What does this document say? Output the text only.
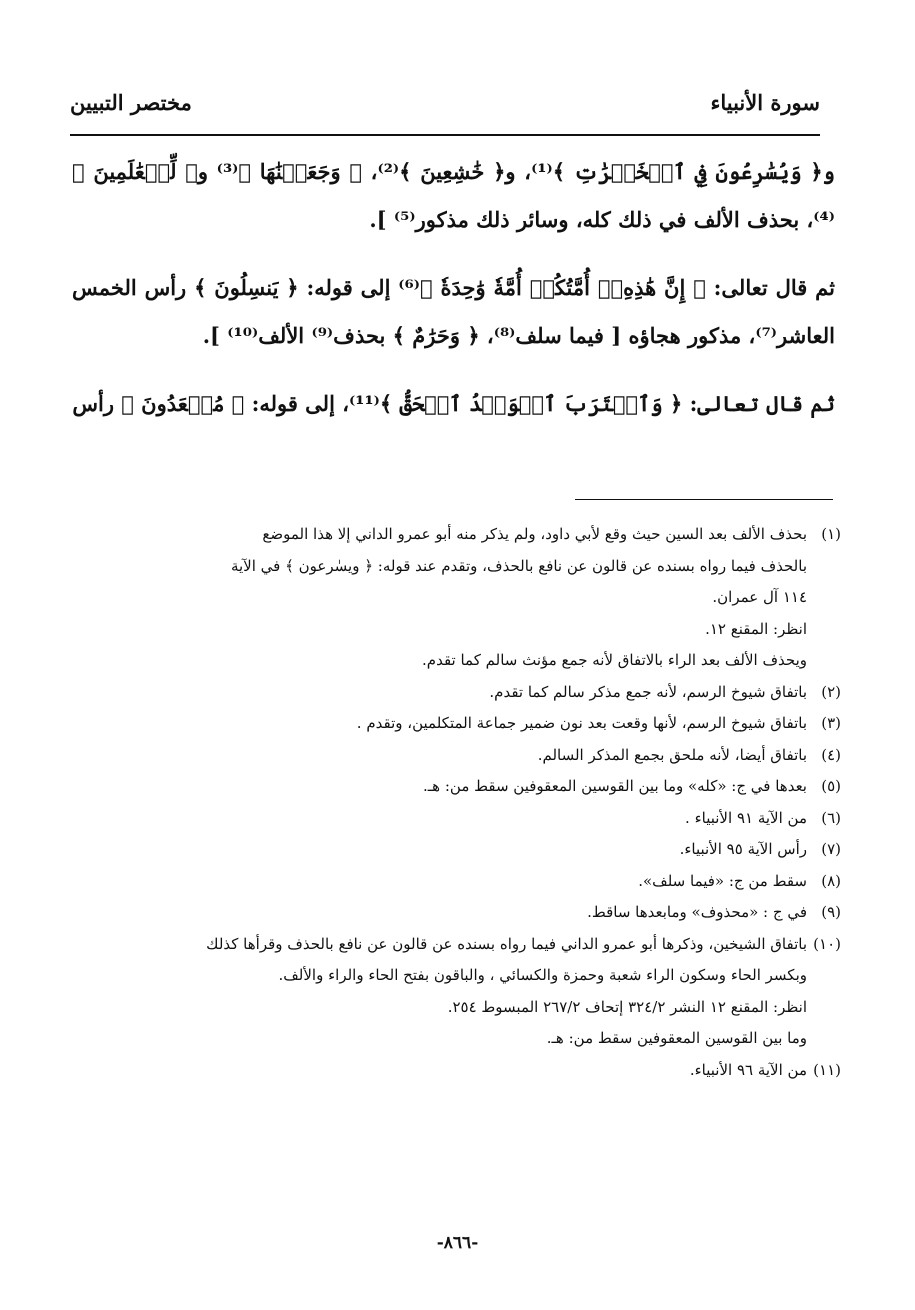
سورة الأنبياء
مختصر التبيين

و﴿ وَيُسَٰرِعُونَ فِي ٱلۡخَيۡرَٰتِ ﴾⁽¹⁾، و﴿ خَٰشِعِينَ ﴾⁽²⁾، ﴿ وَجَعَلۡنَٰهَا ﴾⁽³⁾ و﴿ لِّلۡعَٰلَمِينَ ﴾⁽⁴⁾، بحذف الألف في ذلك كله، وسائر ذلك مذكور⁽⁵⁾ ].

ثم قال تعالى: ﴿ إِنَّ هَٰذِهِۦٓ أُمَّتُكُمۡ أُمَّةٗ وَٰحِدَةٗ ﴾⁽⁶⁾ إلى قوله: ﴿ يَنسِلُونَ ﴾ رأس الخمس العاشر⁽⁷⁾، مذكور هجاؤه [ فيما سلف⁽⁸⁾، ﴿ وَحَرَٰمٌ ﴾ بحذف⁽⁹⁾ الألف⁽¹⁰⁾ ].

ثم قال تعالى: ﴿ وَٱقۡتَرَبَ ٱلۡوَعۡدُ ٱلۡحَقُّ ﴾⁽¹¹⁾، إلى قوله: ﴿ مُبۡعَدُونَ ﴾ رأس

(١)
بحذف الألف بعد السين حيث وقع لأبي داود، ولم يذكر منه أبو عمرو الداني إلا هذا الموضع
بالحذف فيما رواه بسنده عن قالون عن نافع بالحذف، وتقدم عند قوله: ﴿ ويسٰرعون ﴾ في الآية
١١٤ آل عمران.
انظر: المقنع ١٢.
ويحذف الألف بعد الراء بالاتفاق لأنه جمع مؤنث سالم كما تقدم.
(٢)
باتفاق شيوخ الرسم، لأنه جمع مذكر سالم كما تقدم.
(٣)
باتفاق شيوخ الرسم، لأنها وقعت بعد نون ضمير جماعة المتكلمين، وتقدم .
(٤)
باتفاق أيضا، لأنه ملحق بجمع المذكر السالم.
(٥)
بعدها في ج: «كله» وما بين القوسين المعقوفين سقط من: هـ.
(٦)
من الآية ٩١ الأنبياء .
(٧)
رأس الآية ٩٥ الأنبياء.
(٨)
سقط من ج: «فيما سلف».
(٩)
في ج : «محذوف» ومابعدها ساقط.
(١٠)
باتفاق الشيخين، وذكرها أبو عمرو الداني فيما رواه بسنده عن قالون عن نافع بالحذف وقرأها كذلك
وبكسر الحاء وسكون الراء شعبة وحمزة والكسائي ، والباقون بفتح الحاء والراء والألف.
انظر: المقنع ١٢ النشر ٣٢٤/٢ إتحاف ٢٦٧/٢ المبسوط ٢٥٤.
وما بين القوسين المعقوفين سقط من: هـ.
(١١)
من الآية ٩٦ الأنبياء.
-٨٦٦-
